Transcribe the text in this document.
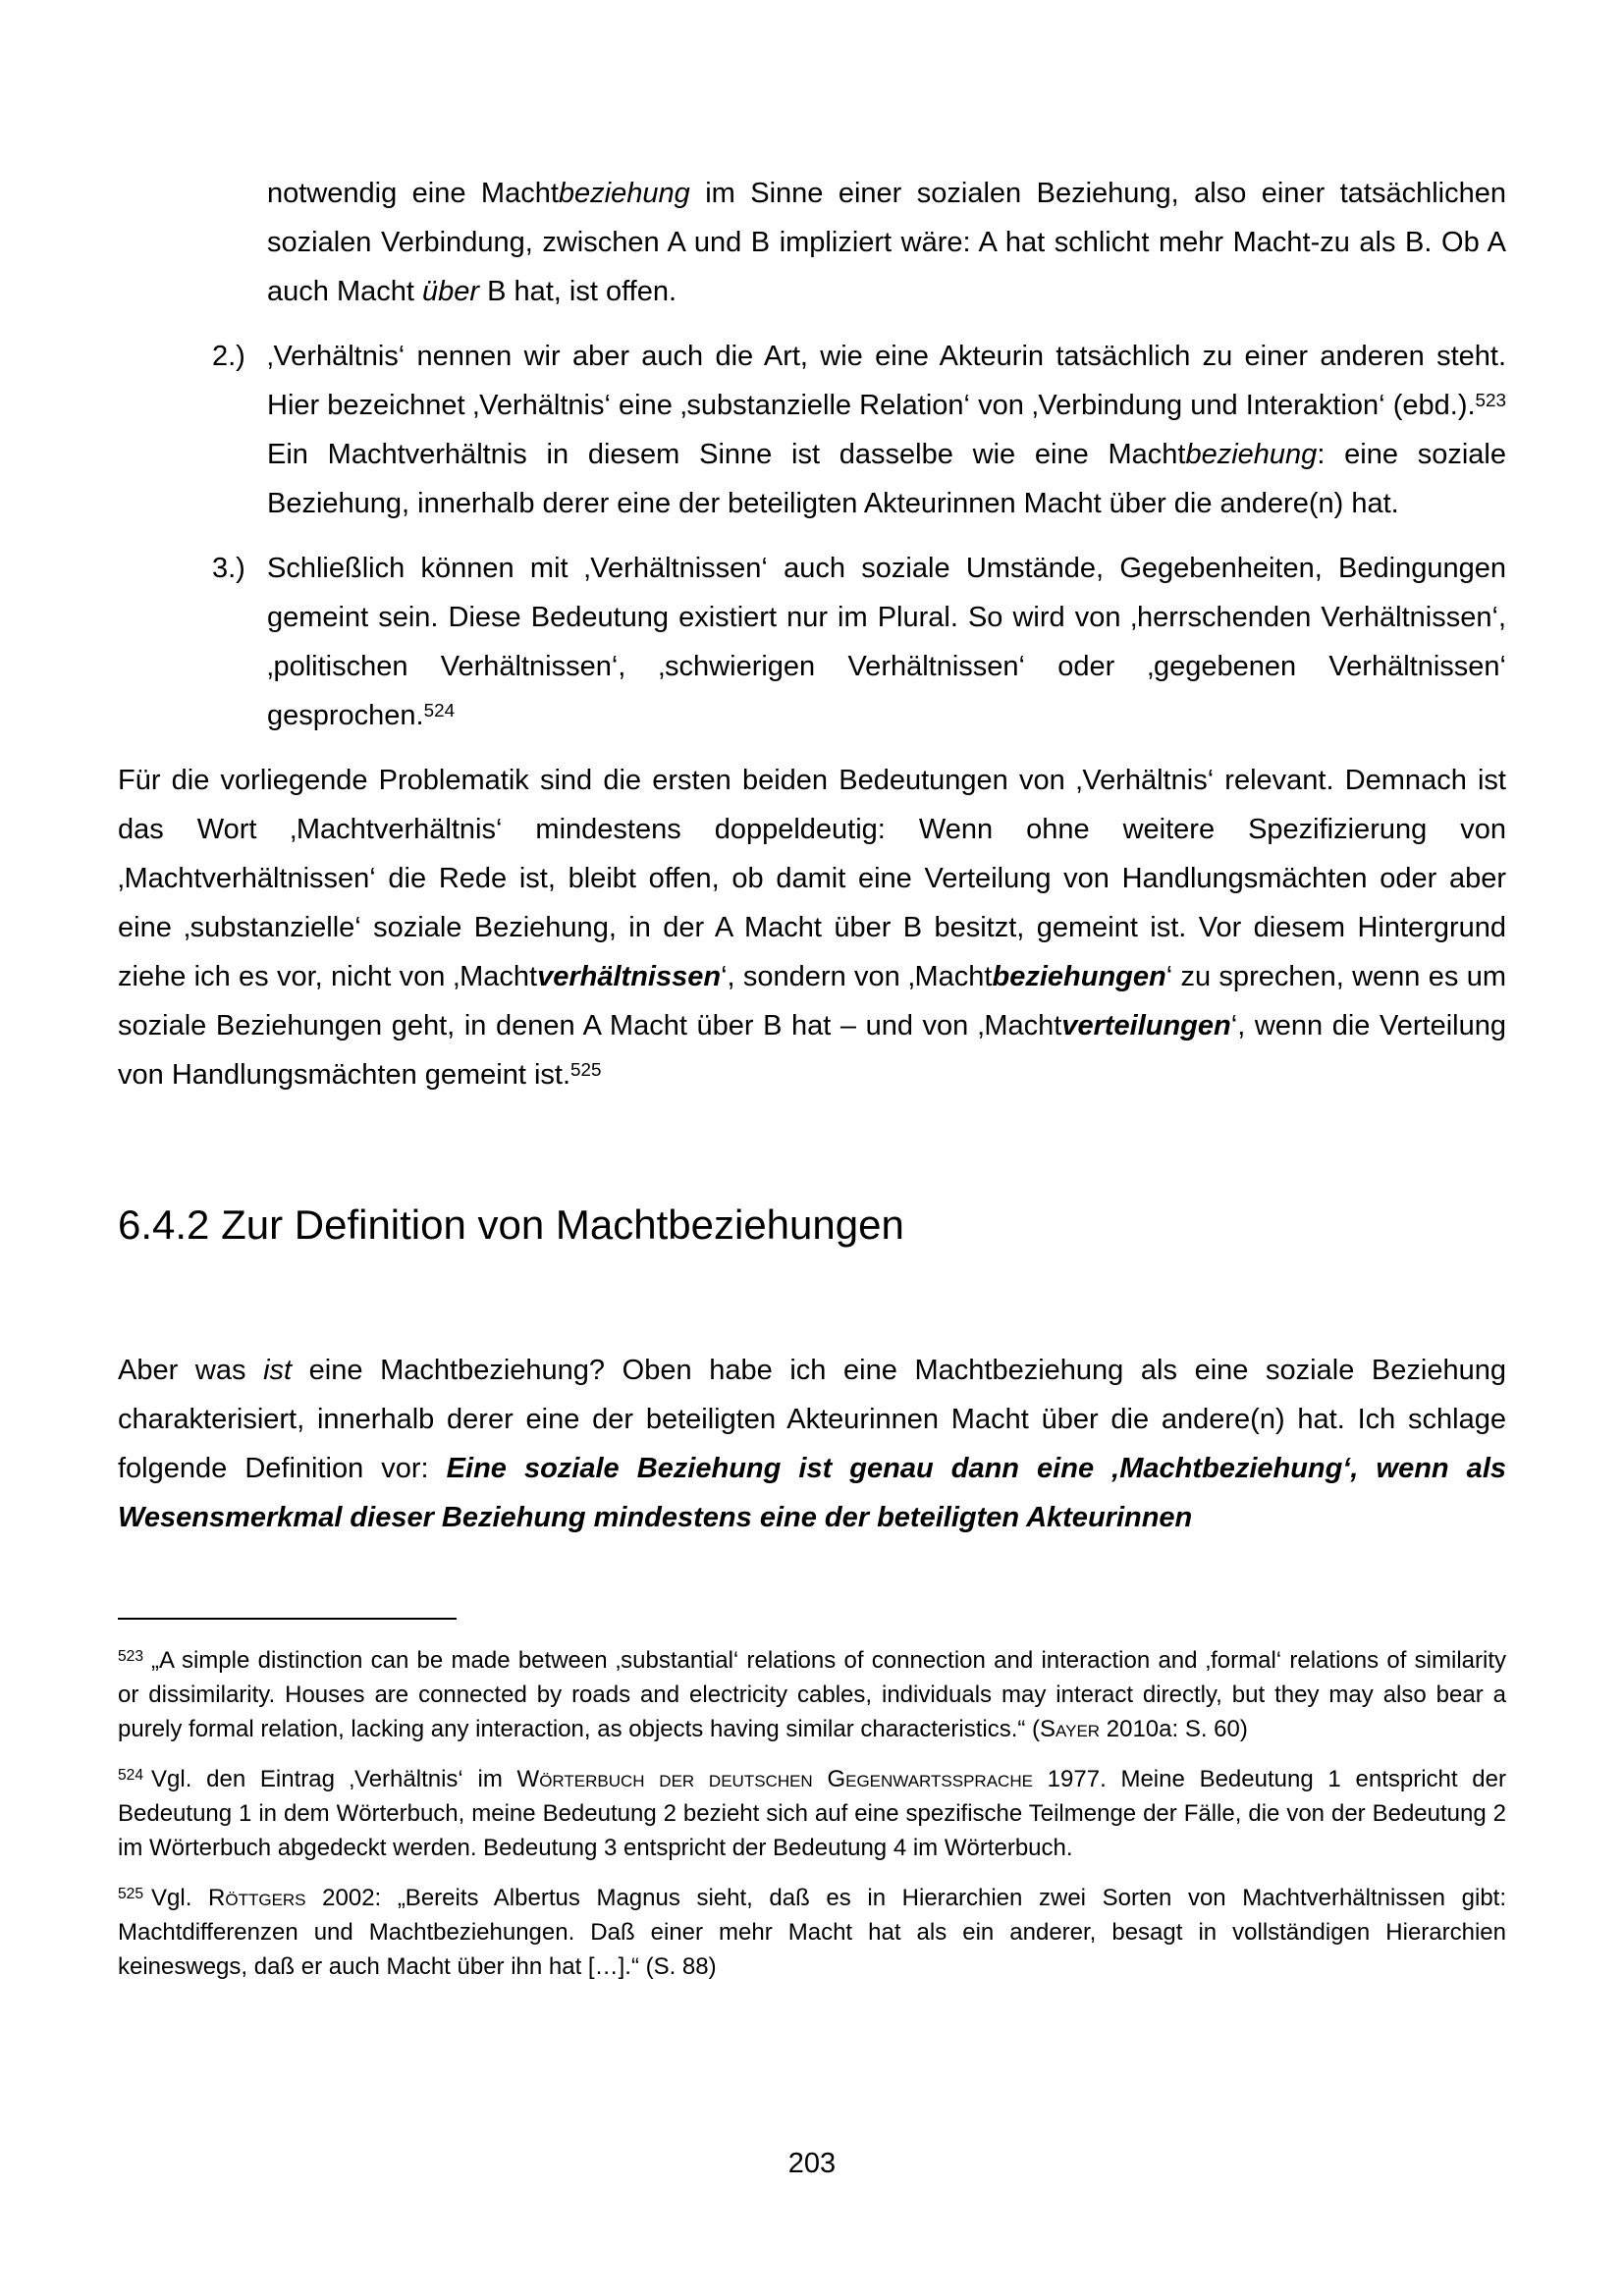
notwendig eine Machtbeziehung im Sinne einer sozialen Beziehung, also einer tatsächlichen sozialen Verbindung, zwischen A und B impliziert wäre: A hat schlicht mehr Macht-zu als B. Ob A auch Macht über B hat, ist offen.

2.) ‚Verhältnis‘ nennen wir aber auch die Art, wie eine Akteurin tatsächlich zu einer anderen steht. Hier bezeichnet ‚Verhältnis‘ eine ‚substanzielle Relation‘ von ‚Verbindung und Interaktion‘ (ebd.).$^{523}$ Ein Machtverhältnis in diesem Sinne ist dasselbe wie eine Machtbeziehung: eine soziale Beziehung, innerhalb derer eine der beteiligten Akteurinnen Macht über die andere(n) hat.

3.) Schließlich können mit ‚Verhältnissen‘ auch soziale Umstände, Gegebenheiten, Bedingungen gemeint sein. Diese Bedeutung existiert nur im Plural. So wird von ‚herrschenden Verhältnissen‘, ‚politischen Verhältnissen‘, ‚schwierigen Verhältnissen‘ oder ‚gegebenen Verhältnissen‘ gesprochen.$^{524}$

Für die vorliegende Problematik sind die ersten beiden Bedeutungen von ‚Verhältnis‘ relevant. Demnach ist das Wort ‚Machtverhältnis‘ mindestens doppeldeutig: Wenn ohne weitere Spezifizierung von ‚Machtverhältnissen‘ die Rede ist, bleibt offen, ob damit eine Verteilung von Handlungsmächten oder aber eine ‚substanzielle‘ soziale Beziehung, in der A Macht über B besitzt, gemeint ist. Vor diesem Hintergrund ziehe ich es vor, nicht von ‚Machtverhältnissen‘, sondern von ‚Machtbeziehungen‘ zu sprechen, wenn es um soziale Beziehungen geht, in denen A Macht über B hat – und von ‚Machtverteilungen‘, wenn die Verteilung von Handlungsmächten gemeint ist.$^{525}$

6.4.2 Zur Definition von Machtbeziehungen

Aber was ist eine Machtbeziehung? Oben habe ich eine Machtbeziehung als eine soziale Beziehung charakterisiert, innerhalb derer eine der beteiligten Akteurinnen Macht über die andere(n) hat. Ich schlage folgende Definition vor: Eine soziale Beziehung ist genau dann eine ‚Machtbeziehung‘, wenn als Wesensmerkmal dieser Beziehung mindestens eine der beteiligten Akteurinnen

$^{523}$ „A simple distinction can be made between ‚substantial‘ relations of connection and interaction and ‚formal‘ relations of similarity or dissimilarity. Houses are connected by roads and electricity cables, individuals may interact directly, but they may also bear a purely formal relation, lacking any interaction, as objects having similar characteristics.“ (Sayer 2010a: S. 60)

$^{524}$ Vgl. den Eintrag ‚Verhältnis‘ im Wörterbuch der deutschen Gegenwartssprache 1977. Meine Bedeutung 1 entspricht der Bedeutung 1 in dem Wörterbuch, meine Bedeutung 2 bezieht sich auf eine spezifische Teilmenge der Fälle, die von der Bedeutung 2 im Wörterbuch abgedeckt werden. Bedeutung 3 entspricht der Bedeutung 4 im Wörterbuch.

$^{525}$ Vgl. Röttgers 2002: „Bereits Albertus Magnus sieht, daß es in Hierarchien zwei Sorten von Machtverhältnissen gibt: Machtdifferenzen und Machtbeziehungen. Daß einer mehr Macht hat als ein anderer, besagt in vollständigen Hierarchien keineswegs, daß er auch Macht über ihn hat […].“ (S. 88)

203
